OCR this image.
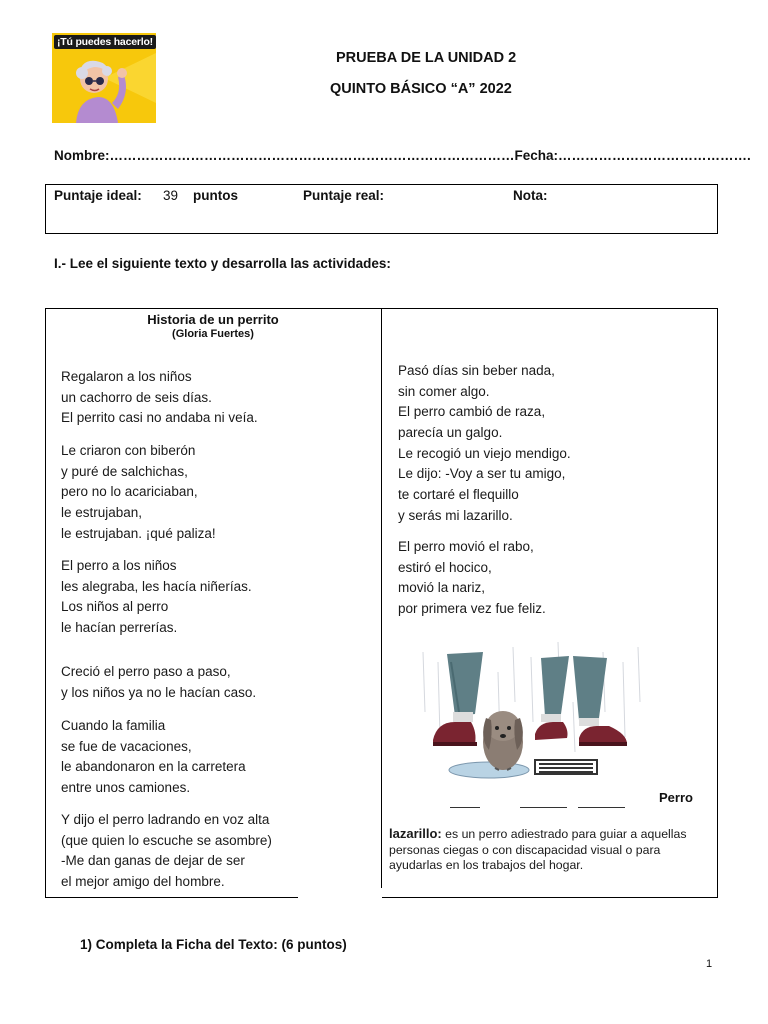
¡Tú puedes hacerlo!
PRUEBA DE LA UNIDAD 2
QUINTO BÁSICO “A” 2022
Nombre:………………………………………………………………………………Fecha:…………………………………….
Puntaje ideal: 39 puntos	Puntaje real:	Nota:
I.- Lee el siguiente texto y desarrolla las actividades:
Historia de un perrito
(Gloria Fuertes)
Regalaron a los niños
un cachorro de seis días.
El perrito casi no andaba ni veía.
Le criaron con biberón
y puré de salchichas,
pero no lo acariciaban,
le estrujaban,
le estrujaban. ¡qué paliza!
El perro a los niños
les alegraba, les hacía niñerías.
Los niños al perro
le hacían perrerías.
Creció el perro paso a paso,
y los niños ya no le hacían caso.
Cuando la familia
se fue de vacaciones,
le abandonaron en la carretera
entre unos camiones.
Y dijo el perro ladrando en voz alta
(que quien lo escuche se asombre)
-Me dan ganas de dejar de ser
el mejor amigo del hombre.
Pasó días sin beber nada,
sin comer algo.
El perro cambió de raza,
parecía un galgo.
Le recogió un viejo mendigo.
Le dijo: -Voy a ser tu amigo,
te cortaré el flequillo
y serás mi lazarillo.
El perro movió el rabo,
estiró el hocico,
movió la nariz,
por primera vez fue feliz.
Perro
lazarillo: es un perro adiestrado para guiar a aquellas personas ciegas o con discapacidad visual o para ayudarlas en los trabajos del hogar.
1) Completa la Ficha del Texto: (6 puntos)
1
